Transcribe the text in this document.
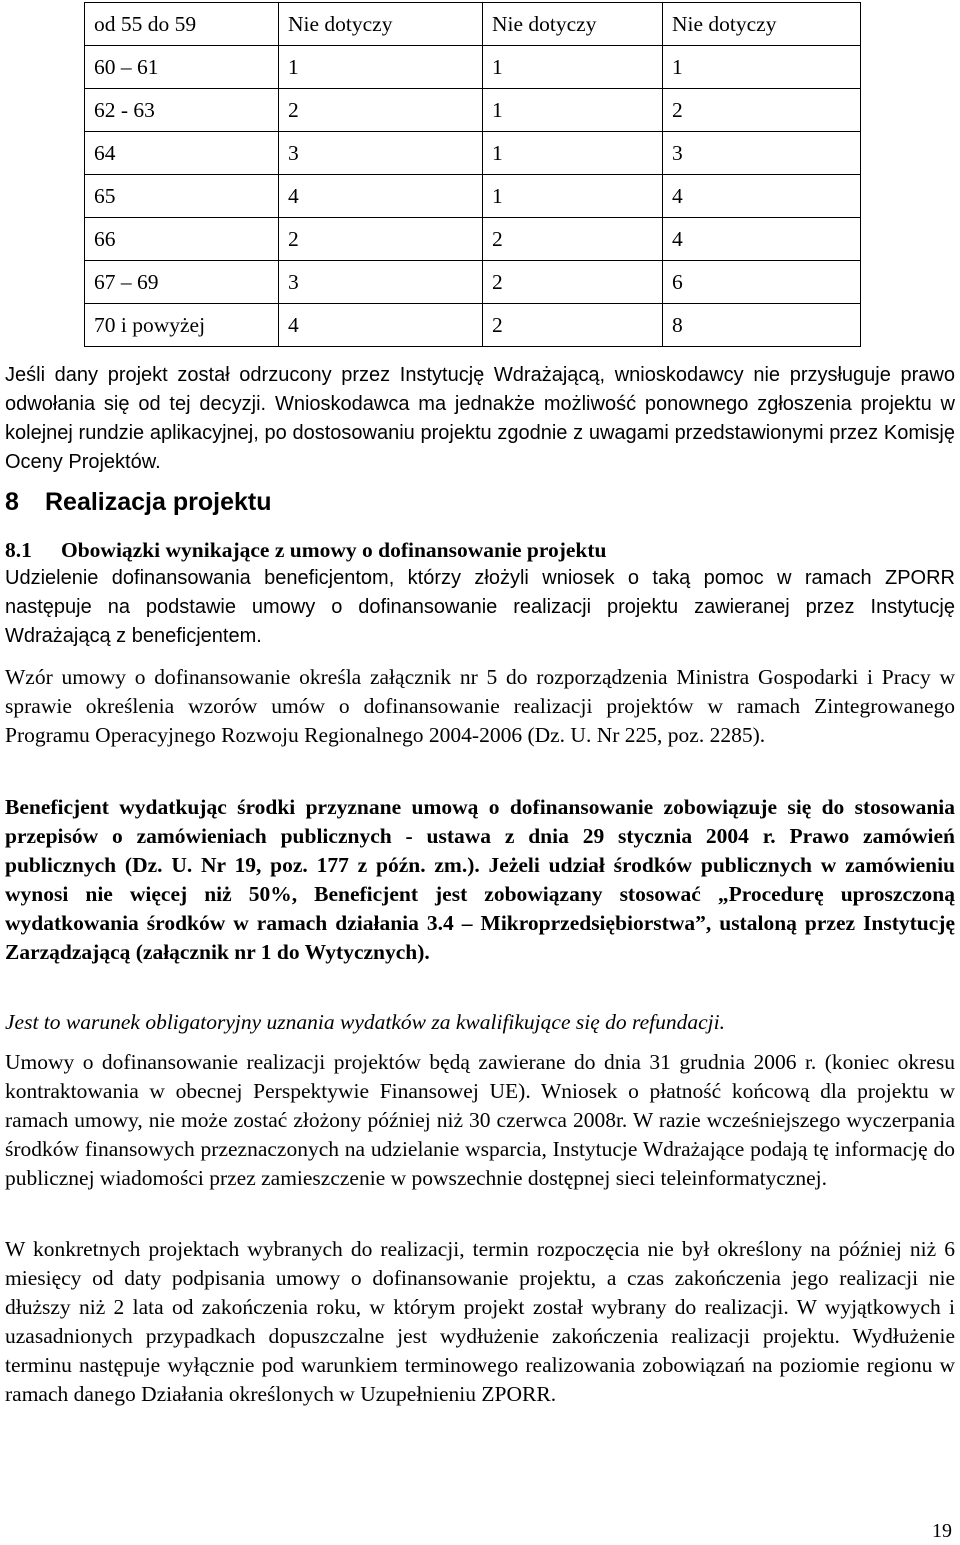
od 55 do 59	Nie dotyczy	Nie dotyczy	Nie dotyczy
60 – 61	1	1	1
62 - 63	2	1	2
64	3	1	3
65	4	1	4
66	2	2	4
67 – 69	3	2	6
70 i powyżej	4	2	8

Jeśli dany projekt został odrzucony przez Instytucję Wdrażającą, wnioskodawcy nie przysługuje prawo odwołania się od tej decyzji. Wnioskodawca ma jednakże możliwość ponownego zgłoszenia projektu w kolejnej rundzie aplikacyjnej, po dostosowaniu projektu zgodnie z uwagami przedstawionymi przez Komisję Oceny Projektów.

8 Realizacja projektu
8.1 Obowiązki wynikające z umowy o dofinansowanie projektu

Udzielenie dofinansowania beneficjentom, którzy złożyli wniosek o taką pomoc w ramach ZPORR następuje na podstawie umowy o dofinansowanie realizacji projektu zawieranej przez Instytucję Wdrażającą z beneficjentem.

Wzór umowy o dofinansowanie określa załącznik nr 5 do rozporządzenia Ministra Gospodarki i Pracy w sprawie określenia wzorów umów o dofinansowanie realizacji projektów w ramach Zintegrowanego Programu Operacyjnego Rozwoju Regionalnego 2004-2006 (Dz. U. Nr 225, poz. 2285).

Beneficjent wydatkując środki przyznane umową o dofinansowanie zobowiązuje się do stosowania przepisów o zamówieniach publicznych - ustawa z dnia 29 stycznia 2004 r. Prawo zamówień publicznych (Dz. U. Nr 19, poz. 177 z późn. zm.). Jeżeli udział środków publicznych w zamówieniu wynosi nie więcej niż 50%, Beneficjent jest zobowiązany stosować „Procedurę uproszczoną wydatkowania środków w ramach działania 3.4 – Mikroprzedsiębiorstwa”, ustaloną przez Instytucję Zarządzającą (załącznik nr 1 do Wytycznych).

Jest to warunek obligatoryjny uznania wydatków za kwalifikujące się do refundacji.

Umowy o dofinansowanie realizacji projektów będą zawierane do dnia 31 grudnia 2006 r. (koniec okresu kontraktowania w obecnej Perspektywie Finansowej UE). Wniosek o płatność końcową dla projektu w ramach umowy, nie może zostać złożony później niż 30 czerwca 2008r. W razie wcześniejszego wyczerpania środków finansowych przeznaczonych na udzielanie wsparcia, Instytucje Wdrażające podają tę informację do publicznej wiadomości przez zamieszczenie w powszechnie dostępnej sieci teleinformatycznej.

W konkretnych projektach wybranych do realizacji, termin rozpoczęcia nie był określony na później niż 6 miesięcy od daty podpisania umowy o dofinansowanie projektu, a czas zakończenia jego realizacji nie dłuższy niż 2 lata od zakończenia roku, w którym projekt został wybrany do realizacji. W wyjątkowych i uzasadnionych przypadkach dopuszczalne jest wydłużenie zakończenia realizacji projektu. Wydłużenie terminu następuje wyłącznie pod warunkiem terminowego realizowania zobowiązań na poziomie regionu w ramach danego Działania określonych w Uzupełnieniu ZPORR.

19
